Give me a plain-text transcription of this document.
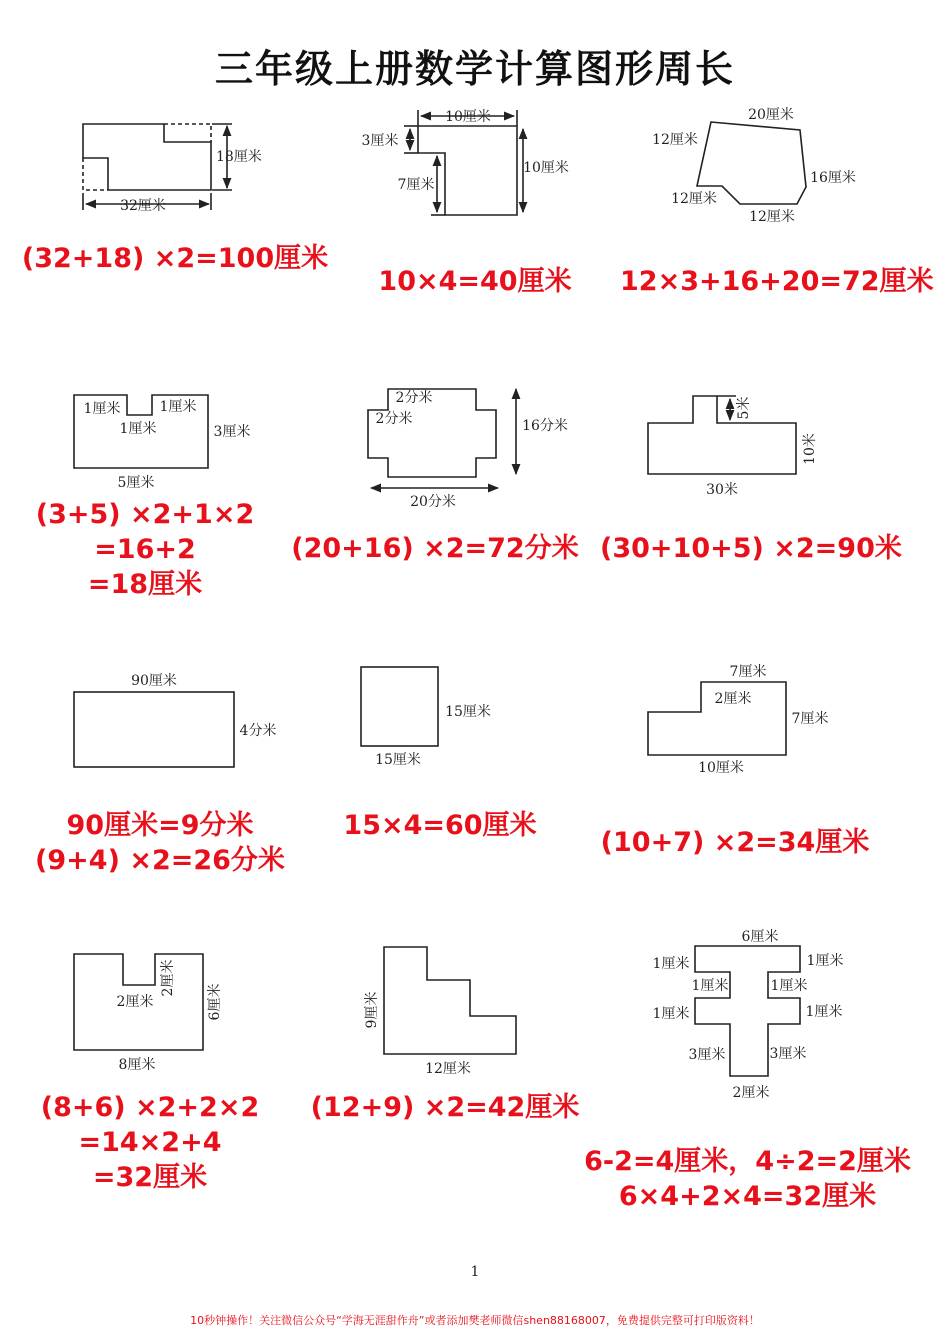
三年级上册数学计算图形周长
18厘米
32厘米
10厘米
3厘米
7厘米
10厘米
20厘米
12厘米
16厘米
12厘米
12厘米
1厘米	1厘米
1厘米	3厘米
5厘米
2分米
2分米	16分米
20分米
5米
10米
30米
90厘米
4分米
15厘米
15厘米
7厘米
2厘米
7厘米
10厘米
2厘米
2厘米
6厘米
8厘米
9厘米
12厘米
6厘米
1厘米	1厘米
1厘米	1厘米
1厘米	1厘米
3厘米	3厘米
2厘米
(32+18) ×2=100厘米
10×4=40厘米	12×3+16+20=72厘米
(3+5) ×2+1×2
=16+2
=18厘米
(20+16) ×2=72分米 (30+10+5) ×2=90米
90厘米=9分米
(9+4) ×2=26分米
15×4=60厘米
(10+7) ×2=34厘米
(8+6) ×2+2×2
=14×2+4
=32厘米
(12+9) ×2=42厘米
6-2=4厘米，4÷2=2厘米
6×4+2×4=32厘米
1
10秒钟操作！关注微信公众号“学海无涯甜作舟”或者添加樊老师微信shen88168007，免费提供完整可打印版资料！
